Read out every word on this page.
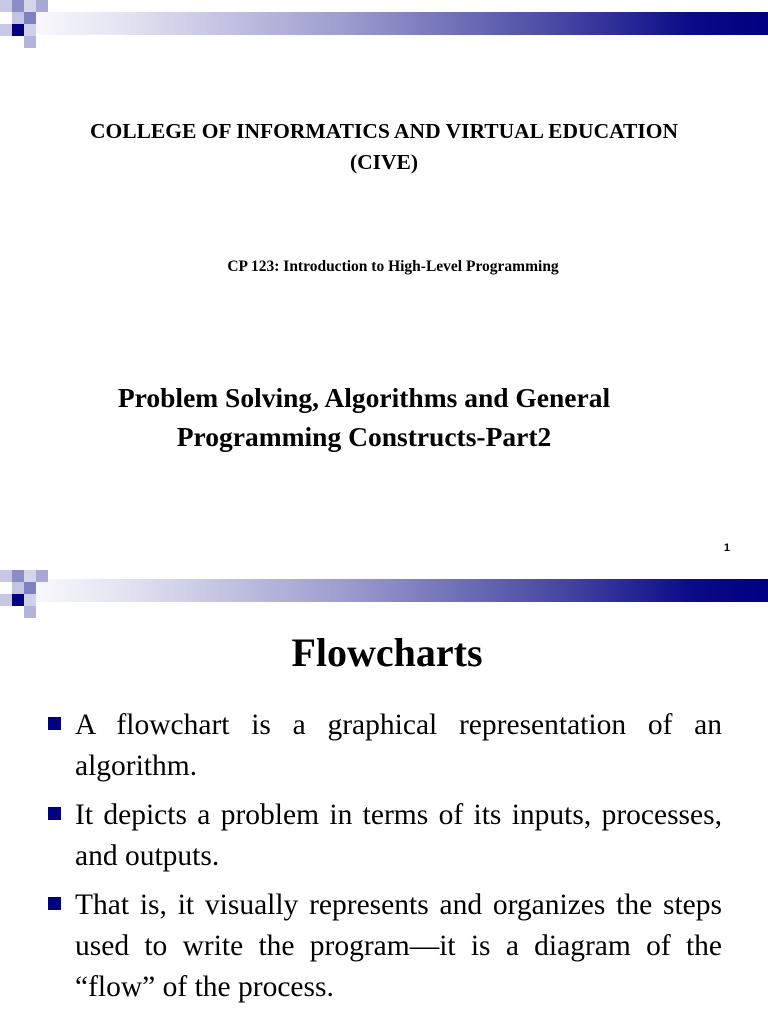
COLLEGE OF INFORMATICS AND VIRTUAL EDUCATION
(CIVE)
CP 123: Introduction to High-Level Programming
Problem Solving, Algorithms and General
Programming Constructs-Part2
1
Flowcharts
A flowchart is a graphical representation of an algorithm.
It depicts a problem in terms of its inputs, processes, and outputs.
That is, it visually represents and organizes the steps used to write the program—it is a diagram of the “flow” of the process.
